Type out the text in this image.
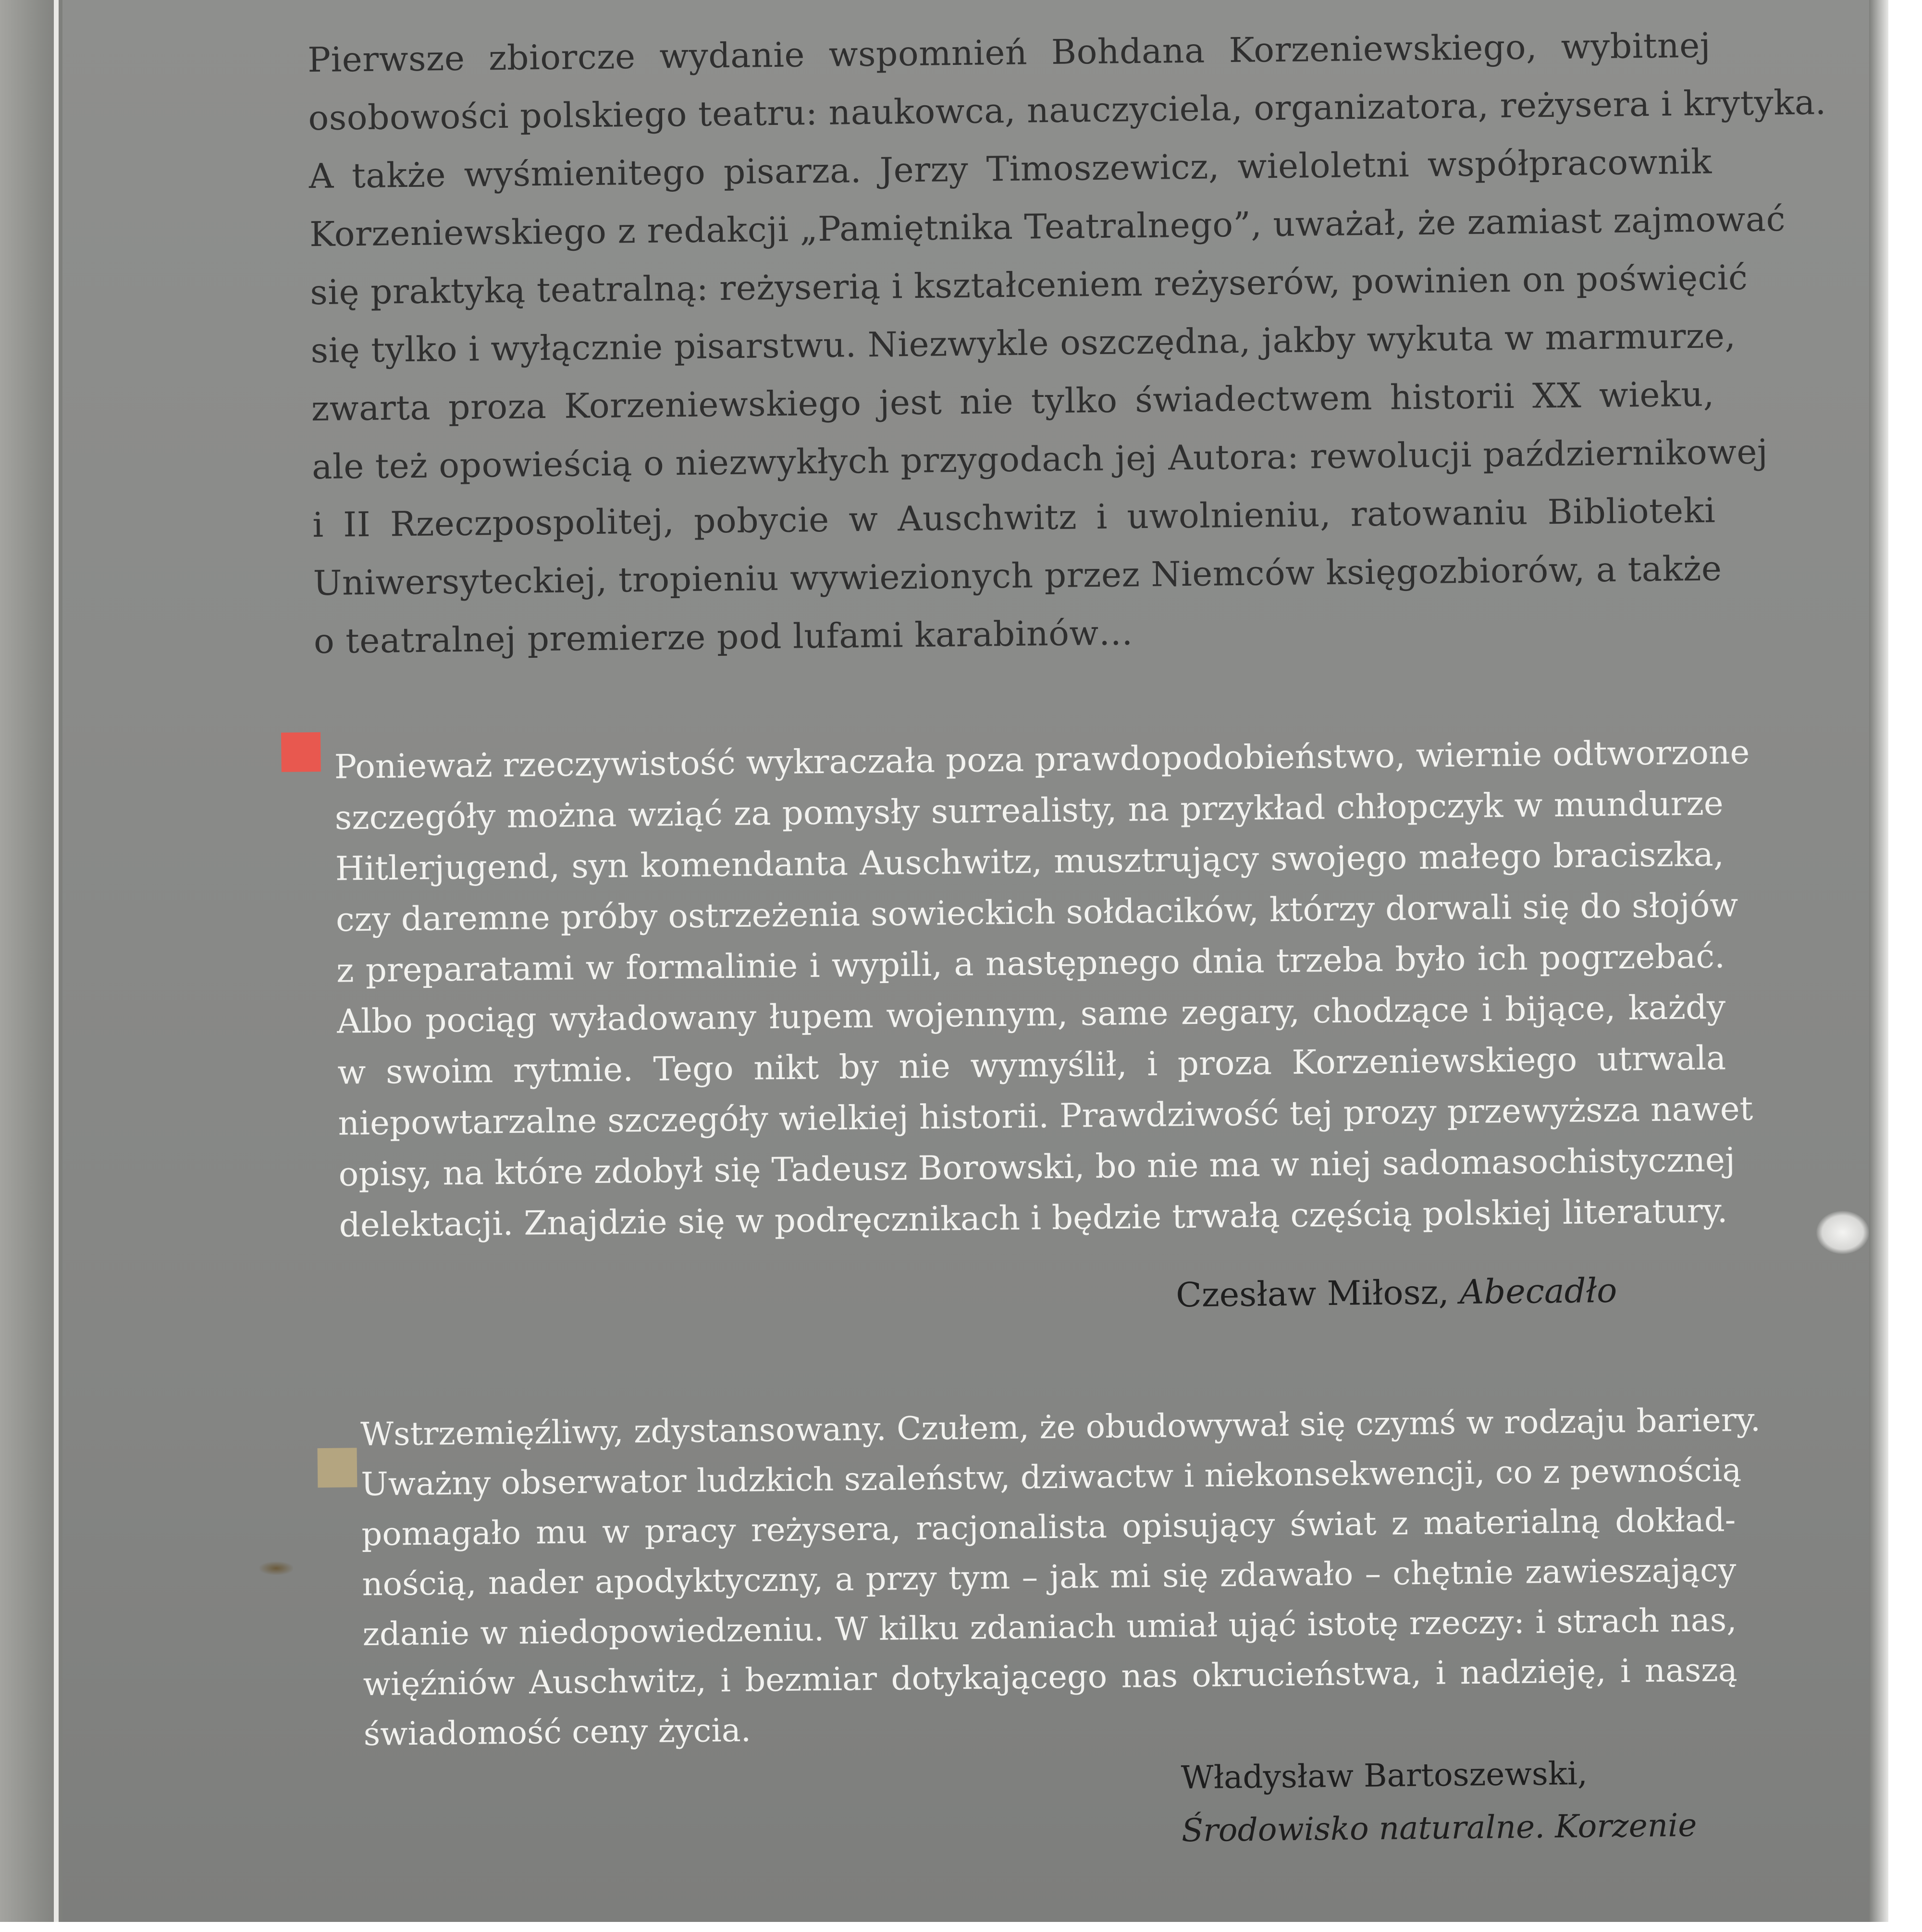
Pierwsze zbiorcze wydanie wspomnień Bohdana Korzeniewskiego, wybitnej
osobowości polskiego teatru: naukowca, nauczyciela, organizatora, reżysera i krytyka.
A także wyśmienitego pisarza. Jerzy Timoszewicz, wieloletni współpracownik
Korzeniewskiego z redakcji „Pamiętnika Teatralnego”, uważał, że zamiast zajmować
się praktyką teatralną: reżyserią i kształceniem reżyserów, powinien on poświęcić
się tylko i wyłącznie pisarstwu. Niezwykle oszczędna, jakby wykuta w marmurze,
zwarta proza Korzeniewskiego jest nie tylko świadectwem historii XX wieku,
ale też opowieścią o niezwykłych przygodach jej Autora: rewolucji październikowej
i II Rzeczpospolitej, pobycie w Auschwitz i uwolnieniu, ratowaniu Biblioteki
Uniwersyteckiej, tropieniu wywiezionych przez Niemców księgozbiorów, a także
o teatralnej premierze pod lufami karabinów…
Ponieważ rzeczywistość wykraczała poza prawdopodobieństwo, wiernie odtworzone
szczegóły można wziąć za pomysły surrealisty, na przykład chłopczyk w mundurze
Hitlerjugend, syn komendanta Auschwitz, musztrujący swojego małego braciszka,
czy daremne próby ostrzeżenia sowieckich sołdacików, którzy dorwali się do słojów
z preparatami w formalinie i wypili, a następnego dnia trzeba było ich pogrzebać.
Albo pociąg wyładowany łupem wojennym, same zegary, chodzące i bijące, każdy
w swoim rytmie. Tego nikt by nie wymyślił, i proza Korzeniewskiego utrwala
niepowtarzalne szczegóły wielkiej historii. Prawdziwość tej prozy przewyższa nawet
opisy, na które zdobył się Tadeusz Borowski, bo nie ma w niej sadomasochistycznej
delektacji. Znajdzie się w podręcznikach i będzie trwałą częścią polskiej literatury.
Czesław Miłosz, Abecadło
Wstrzemięźliwy, zdystansowany. Czułem, że obudowywał się czymś w rodzaju bariery.
Uważny obserwator ludzkich szaleństw, dziwactw i niekonsekwencji, co z pewnością
pomagało mu w pracy reżysera, racjonalista opisujący świat z materialną dokład-
nością, nader apodyktyczny, a przy tym – jak mi się zdawało – chętnie zawieszający
zdanie w niedopowiedzeniu. W kilku zdaniach umiał ująć istotę rzeczy: i strach nas,
więźniów Auschwitz, i bezmiar dotykającego nas okrucieństwa, i nadzieję, i naszą
świadomość ceny życia.
Władysław Bartoszewski,
Środowisko naturalne. Korzenie
